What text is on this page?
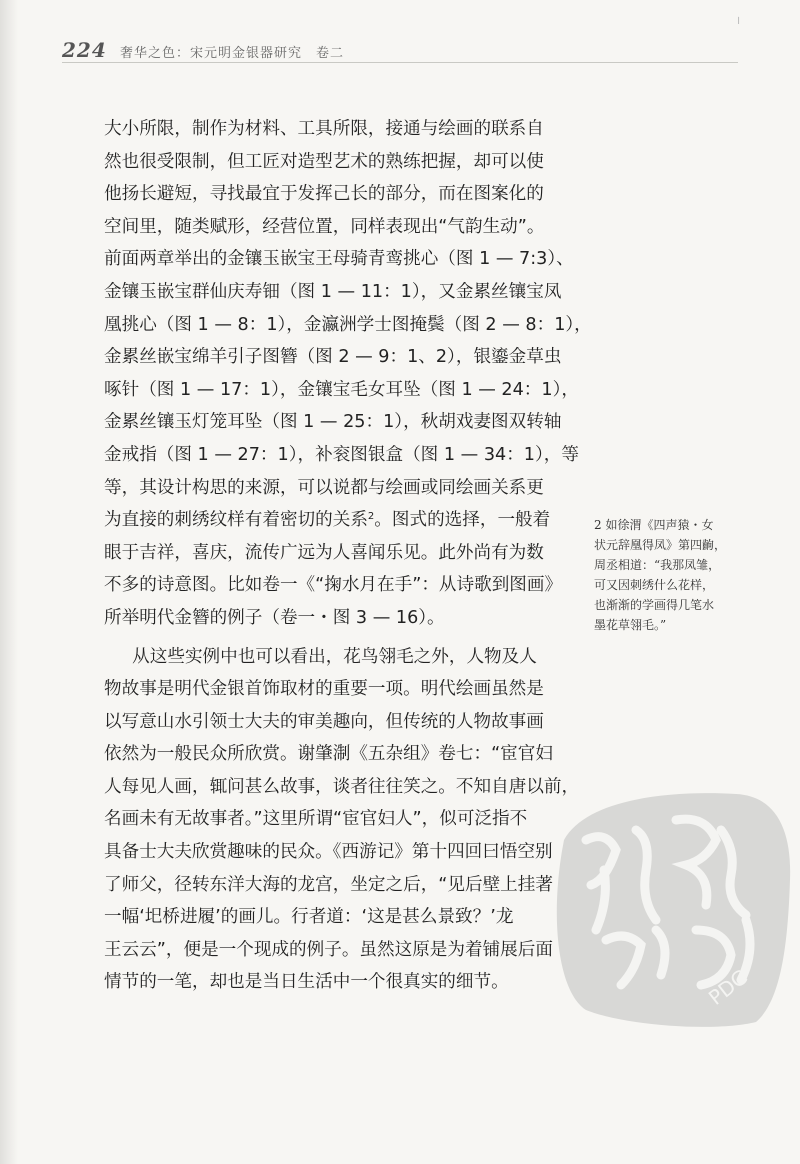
╷
224 奢华之色：宋元明金银器研究　卷二
大小所限，制作为材料、工具所限，接通与绘画的联系自
然也很受限制，但工匠对造型艺术的熟练把握，却可以使
他扬长避短，寻找最宜于发挥己长的部分，而在图案化的
空间里，随类赋形，经营位置，同样表现出“气韵生动”。
前面两章举出的金镶玉嵌宝王母骑青鸾挑心（图 1 — 7:3）、
金镶玉嵌宝群仙庆寿钿（图 1 — 11：1），又金累丝镶宝凤
凰挑心（图 1 — 8：1），金瀛洲学士图掩鬓（图 2 — 8：1），
金累丝嵌宝绵羊引子图簪（图 2 — 9：1、2），银鎏金草虫
啄针（图 1 — 17：1），金镶宝毛女耳坠（图 1 — 24：1），
金累丝镶玉灯笼耳坠（图 1 — 25：1），秋胡戏妻图双转轴
金戒指（图 1 — 27：1），补衮图银盒（图 1 — 34：1），等
等，其设计构思的来源，可以说都与绘画或同绘画关系更
为直接的刺绣纹样有着密切的关系$^2$。图式的选择，一般着
眼于吉祥，喜庆，流传广远为人喜闻乐见。此外尚有为数
不多的诗意图。比如卷一《“掬水月在手”：从诗歌到图画》
所举明代金簪的例子（卷一・图 3 — 16）。
从这些实例中也可以看出，花鸟翎毛之外，人物及人
物故事是明代金银首饰取材的重要一项。明代绘画虽然是
以写意山水引领士大夫的审美趣向，但传统的人物故事画
依然为一般民众所欣赏。谢肇淛《五杂组》卷七：“宦官妇
人每见人画，辄问甚么故事，谈者往往笑之。不知自唐以前，
名画未有无故事者。”这里所谓“宦官妇人”，似可泛指不
具备士大夫欣赏趣味的民众。《西游记》第十四回曰悟空别
了师父，径转东洋大海的龙宫，坐定之后，“见后壁上挂著
一幅‘圯桥进履’的画儿。行者道：‘这是甚么景致？’龙
王云云”，便是一个现成的例子。虽然这原是为着铺展后面
情节的一笔，却也是当日生活中一个很真实的细节。
2 如徐渭《四声猿・女
状元辞凰得凤》第四齣，
周丞相道：“我那凤雏，
可又因刺绣什么花样，
也渐渐的学画得几笔水
墨花草翎毛。”
PDG
